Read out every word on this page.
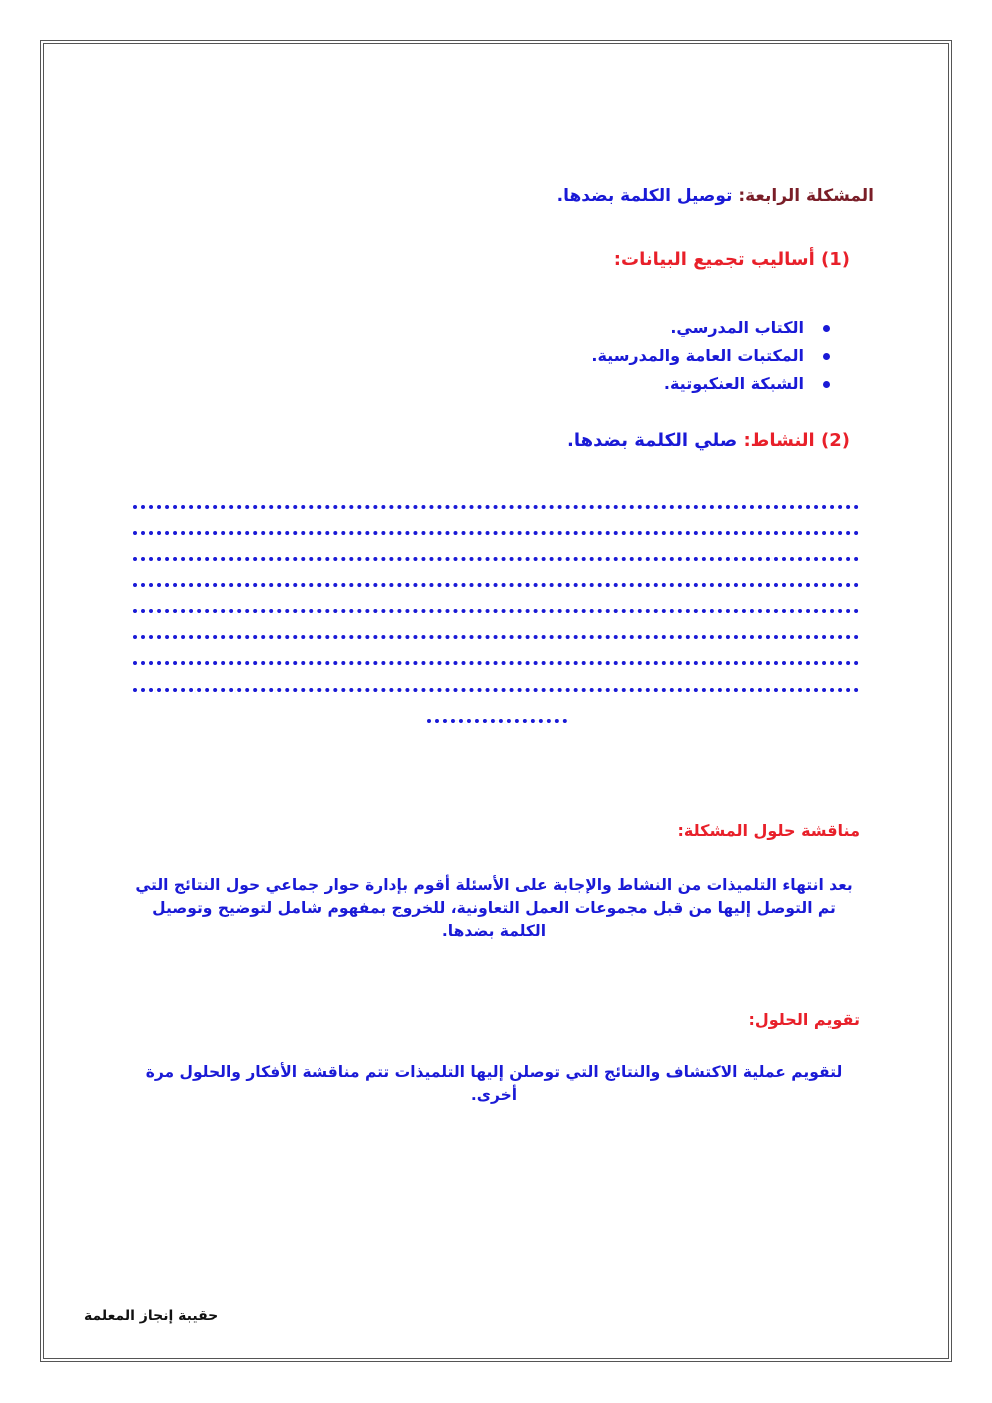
المشكلة الرابعة: توصيل الكلمة بضدها.
(1) أساليب تجميع البيانات:
الكتاب المدرسي.
المكتبات العامة والمدرسية.
الشبكة العنكبوتية.
(2) النشاط: صلي الكلمة بضدها.
مناقشة حلول المشكلة:
بعد انتهاء التلميذات من النشاط والإجابة على الأسئلة أقوم بإدارة حوار جماعي حول النتائج التي تم التوصل إليها من قبل مجموعات العمل التعاونية، للخروج بمفهوم شامل لتوضيح وتوصيل الكلمة بضدها.
تقويم الحلول:
لتقويم عملية الاكتشاف والنتائج التي توصلن إليها التلميذات تتم مناقشة الأفكار والحلول مرة أخرى.
حقيبة إنجاز المعلمة
